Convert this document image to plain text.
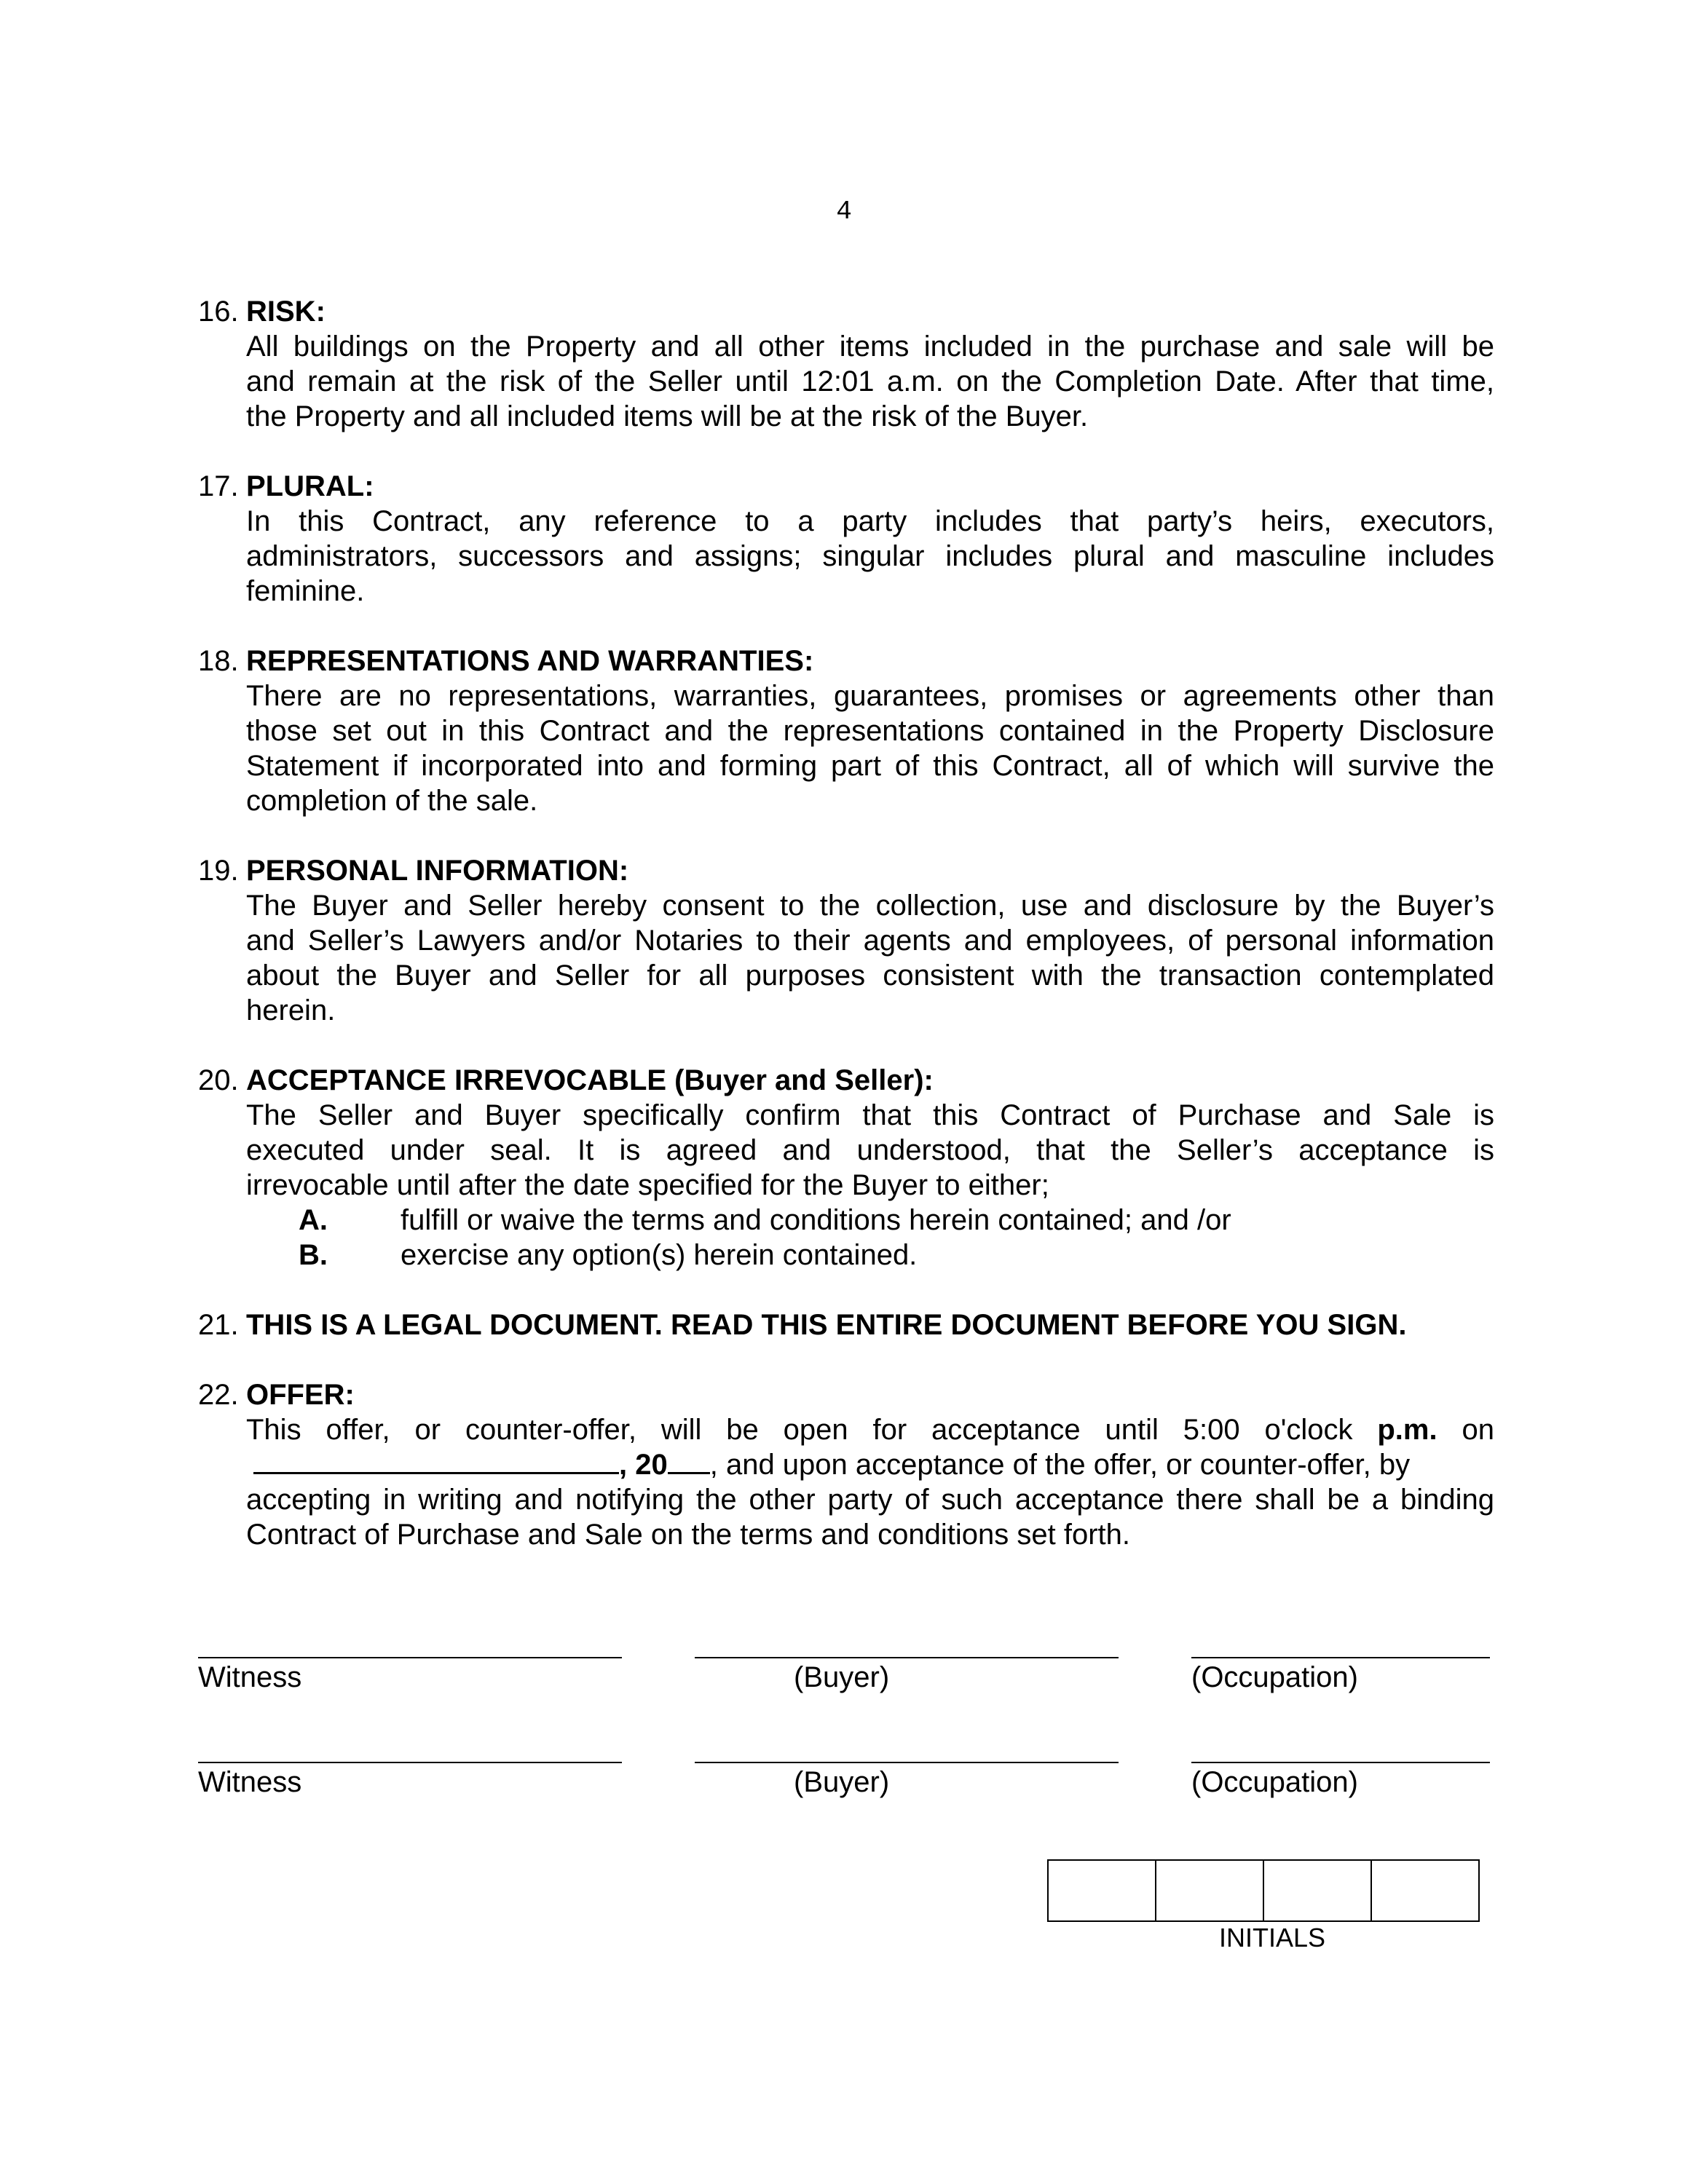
4
16. RISK:
All buildings on the Property and all other items included in the purchase and sale will be
and remain at the risk of the Seller until 12:01 a.m. on the Completion Date. After that time,
the Property and all included items will be at the risk of the Buyer.
17. PLURAL:
In this Contract, any reference to a party includes that party’s heirs, executors,
administrators, successors and assigns; singular includes plural and masculine includes
feminine.
18. REPRESENTATIONS AND WARRANTIES:
There are no representations, warranties, guarantees, promises or agreements other than
those set out in this Contract and the representations contained in the Property Disclosure
Statement if incorporated into and forming part of this Contract, all of which will survive the
completion of the sale.
19. PERSONAL INFORMATION:
The Buyer and Seller hereby consent to the collection, use and disclosure by the Buyer’s
and Seller’s Lawyers and/or Notaries to their agents and employees, of personal information
about the Buyer and Seller for all purposes consistent with the transaction contemplated
herein.
20. ACCEPTANCE IRREVOCABLE (Buyer and Seller):
The Seller and Buyer specifically confirm that this Contract of Purchase and Sale is
executed under seal. It is agreed and understood, that the Seller’s acceptance is
irrevocable until after the date specified for the Buyer to either;
A.	fulfill or waive the terms and conditions herein contained; and /or
B.	exercise any option(s) herein contained.
21. THIS IS A LEGAL DOCUMENT. READ THIS ENTIRE DOCUMENT BEFORE YOU SIGN.
22. OFFER:
This offer, or counter-offer, will be open for acceptance until 5:00 o'clock p.m. on
, 20 , and upon acceptance of the offer, or counter-offer, by
accepting in writing and notifying the other party of such acceptance there shall be a binding
Contract of Purchase and Sale on the terms and conditions set forth.
Witness	(Buyer)	(Occupation)
Witness	(Buyer)	(Occupation)
INITIALS
